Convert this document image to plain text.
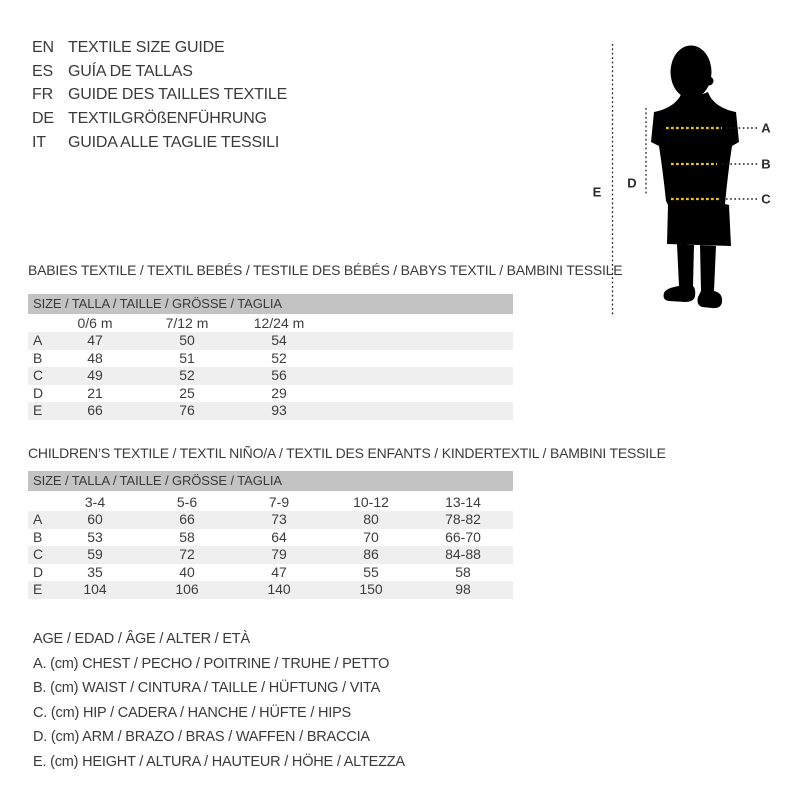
EN TEXTILE SIZE GUIDE
ES GUÍA DE TALLAS
FR GUIDE DES TAILLES TEXTILE
DE TEXTILGRÖßENFÜHRUNG
IT	GUIDA ALLE TAGLIE TESSILI
A
B
C
D
E
BABIES TEXTILE / TEXTIL BEBÉS / TESTILE DES BÉBÉS / BABYS TEXTIL / BAMBINI TESSILE
SIZE / TALLA / TAILLE / GRÖSSE / TAGLIA
	0/6 m	7/12 m	12/24 m	
A	47	50	54	
B	48	51	52	
C	49	52	56	
D	21	25	29	
E	66	76	93	
CHILDREN’S TEXTILE / TEXTIL NIÑO/A / TEXTIL DES ENFANTS / KINDERTEXTIL / BAMBINI TESSILE
SIZE / TALLA / TAILLE / GRÖSSE / TAGLIA
	3-4	5-6	7-9	10-12	13-14	
A	60	66	73	80	78-82	
B	53	58	64	70	66-70	
C	59	72	79	86	84-88	
D	35	40	47	55	58	
E	104	106	140	150	98	
AGE / EDAD / ÂGE / ALTER / ETÀ
A. (cm) CHEST / PECHO / POITRINE / TRUHE / PETTO
B. (cm) WAIST / CINTURA / TAILLE / HÜFTUNG / VITA
C. (cm) HIP / CADERA / HANCHE / HÜFTE / HIPS
D. (cm) ARM / BRAZO / BRAS / WAFFEN / BRACCIA
E. (cm) HEIGHT / ALTURA / HAUTEUR / HÖHE / ALTEZZA
